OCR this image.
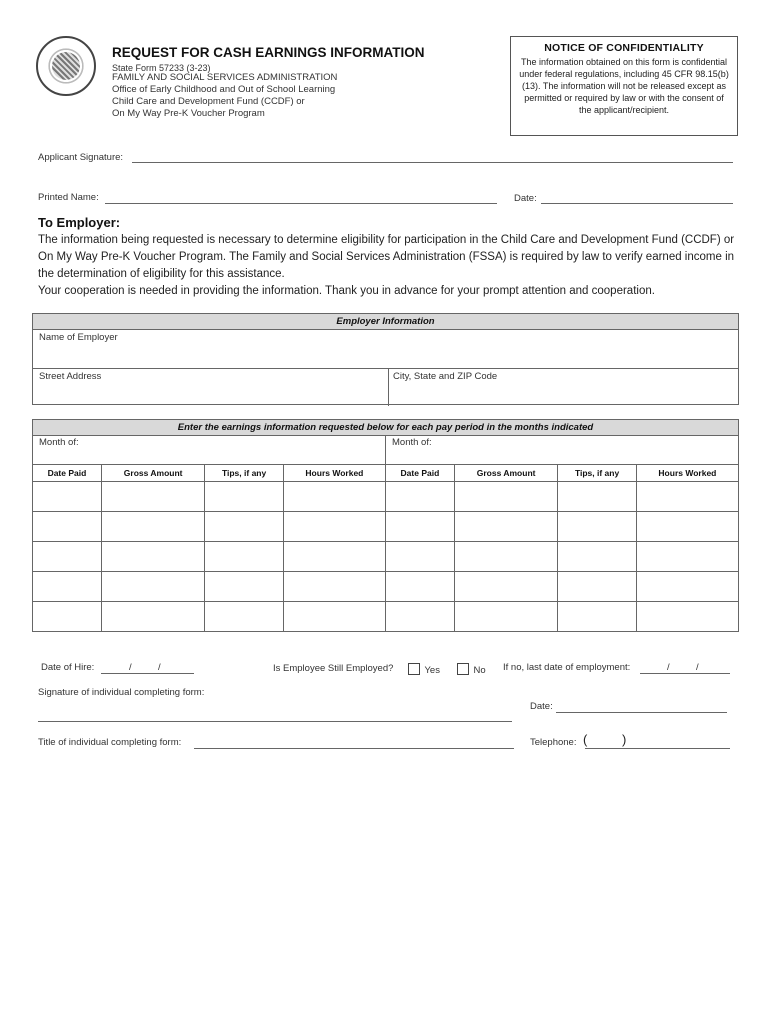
REQUEST FOR CASH EARNINGS INFORMATION
State Form 57233 (3-23)
FAMILY AND SOCIAL SERVICES ADMINISTRATION
Office of Early Childhood and Out of School Learning
Child Care and Development Fund (CCDF) or
On My Way Pre-K Voucher Program
NOTICE OF CONFIDENTIALITY
The information obtained on this form is confidential under federal regulations, including 45 CFR 98.15(b)(13). The information will not be released except as permitted or required by law or with the consent of the applicant/recipient.
Applicant Signature:
Printed Name:	Date:
To Employer:
The information being requested is necessary to determine eligibility for participation in the Child Care and Development Fund (CCDF) or On My Way Pre-K Voucher Program. The Family and Social Services Administration (FSSA) is required by law to verify earned income in the determination of eligibility for this assistance.
Your cooperation is needed in providing the information. Thank you in advance for your prompt attention and cooperation.
Employer Information
Name of Employer
Street Address	City, State and ZIP Code
Enter the earnings information requested below for each pay period in the months indicated
Month of:	Month of:
Date Paid	Gross Amount	Tips, if any	Hours Worked	Date Paid	Gross Amount	Tips, if any	Hours Worked

Date of Hire:	/          /	Is Employee Still Employed?	Yes	No If no, last date of employment:	/          /
Signature of individual completing form:
Date:
Title of individual completing form:	Telephone: (	)
